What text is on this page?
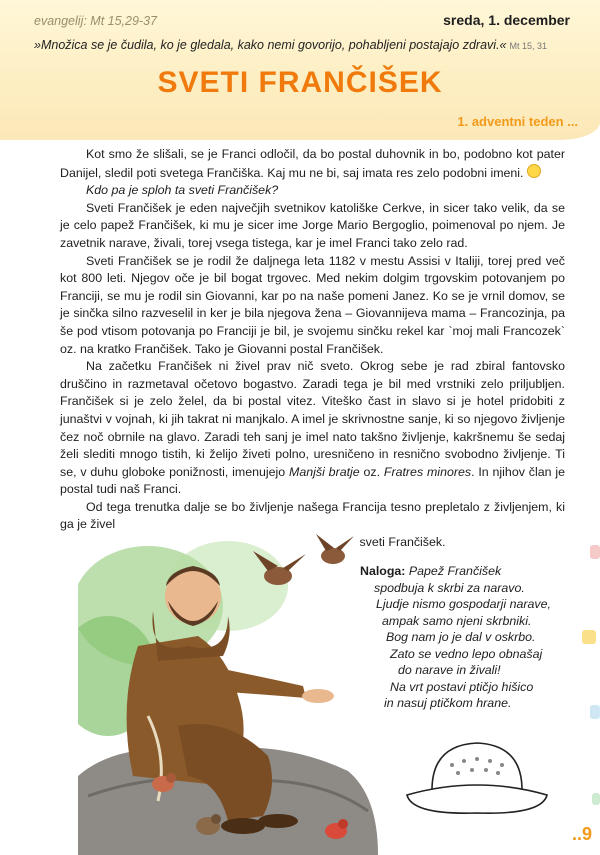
evangelij: Mt 15,29-37	sreda, 1. december
»Množica se je čudila, ko je gledala, kako nemi govorijo, pohabljeni postajajo zdravi.« Mt 15, 31
SVETI FRANČIŠEK
1. adventni teden ...

Kot smo že slišali, se je Franci odločil, da bo postal duhovnik in bo, podobno kot pater Danijel, sledil poti svetega Frančiška. Kaj mu ne bi, saj imata res zelo podobni imeni.

Kdo pa je sploh ta sveti Frančišek?

Sveti Frančišek je eden največjih svetnikov katoliške Cerkve, in sicer tako velik, da se je celo papež Frančišek, ki mu je sicer ime Jorge Mario Bergoglio, poimenoval po njem. Je zavetnik narave, živali, torej vsega tistega, kar je imel Franci tako zelo rad.

Sveti Frančišek se je rodil že daljnega leta 1182 v mestu Assisi v Italiji, torej pred več kot 800 leti. Njegov oče je bil bogat trgovec. Med nekim dolgim trgovskim potovanjem po Franciji, se mu je rodil sin Giovanni, kar po na naše pomeni Janez. Ko se je vrnil domov, se je sinčka silno razveselil in ker je bila njegova žena – Giovannijeva mama – Francozinja, pa še pod vtisom potovanja po Franciji je bil, je svojemu sinčku rekel kar `moj mali Francozek` oz. na kratko Frančišek. Tako je Giovanni postal Frančišek.

Na začetku Frančišek ni živel prav nič sveto. Okrog sebe je rad zbiral fantovsko druščino in razmetaval očetovo bogastvo. Zaradi tega je bil med vrstniki zelo priljubljen. Frančišek si je zelo želel, da bi postal vitez. Viteško čast in slavo si je hotel pridobiti z junaštvi v vojnah, ki jih takrat ni manjkalo. A imel je skrivnostne sanje, ki so njegovo življenje čez noč obrnile na glavo. Zaradi teh sanj je imel nato takšno življenje, kakršnemu še sedaj želi slediti mnogo tistih, ki želijo živeti polno, uresničeno in resnično svobodno življenje. Ti se, v duhu globoke ponižnosti, imenujejo Manjši bratje oz. Fratres minores. In njihov član je postal tudi naš Franci.

Od tega trenutka dalje se bo življenje našega Francija tesno prepletalo z življenjem, ki ga je živel

sveti Frančišek.

Naloga: Papež Frančišek
spodbuja k skrbi za naravo.
Ljudje nismo gospodarji narave,
ampak samo njeni skrbniki.
Bog nam jo je dal v oskrbo.
Zato se vedno lepo obnašaj
do narave in živali!
Na vrt postavi ptičjo hišico
in nasuj ptičkom hrane.
..9
